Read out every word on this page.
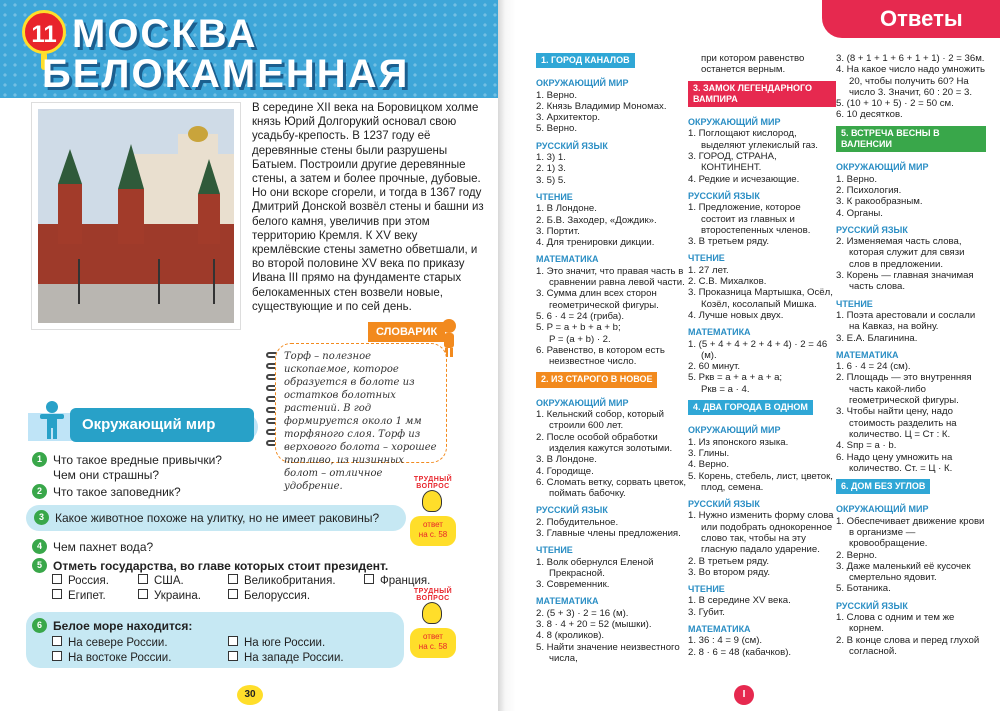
11 МОСКВА
БЕЛОКАМЕННАЯ

В середине XII века на Боровицком холме князь Юрий Долгорукий основал свою усадьбу-крепость. В 1237 году её деревянные стены были разрушены Батыем. Построили другие деревянные стены, а затем и более прочные, дубовые. Но они вскоре сгорели, и тогда в 1367 году Дмитрий Донской возвёл стены и башни из белого камня, увеличив при этом территорию Кремля. К XV веку кремлёвские стены заметно обветшали, и во второй половине XV века по приказу Ивана III прямо на фундаменте старых белокаменных стен возвели новые, существующие и по сей день.

СЛОВАРИК
Торф – полезное ископаемое, которое образуется в болоте из остатков болотных растений. В год формируется около 1 мм торфяного слоя. Торф из верхового болота – хорошее топливо, из низинных болот – отличное удобрение.
Окружающий мир
1 Что такое вредные привычки?
Чем они страшны?
2 Что такое заповедник?
3 Какое животное похоже на улитку, но не имеет раковины?
4 Чем пахнет вода?
5 Отметь государства, во главе которых стоит президент.
Россия.	США.	Великобритания.	Франция.
Египет.	Украина.	Белоруссия.
6 Белое море находится:
На севере России.	На юге России.
На востоке России.	На западе России.
ТРУДНЫЙ ВОПРОС
ответ
на с. 58
ТРУДНЫЙ ВОПРОС
ответ
на с. 58
30
Ответы
1. ГОРОД КАНАЛОВ
ОКРУЖАЮЩИЙ МИР
1. Верно.
2. Князь Владимир Мономах.
3. Архитектор.
5. Верно.
РУССКИЙ ЯЗЫК
1. 3) 1.
2. 1) 3.
3. 5) 5.
ЧТЕНИЕ
1. В Лондоне.
2. Б.В. Заходер, «Дождик».
3. Портит.
4. Для тренировки дикции.
МАТЕМАТИКА
1. Это значит, что правая часть в сравнении равна левой части.
3. Сумма длин всех сторон геометрической фигуры.
5. 6 · 4 = 24 (гриба).
5. P = a + b + a + b;
P = (a + b) · 2.
6. Равенство, в котором есть неизвестное число.
2. ИЗ СТАРОГО В НОВОЕ
ОКРУЖАЮЩИЙ МИР
1. Кельнский собор, который строили 600 лет.
2. После особой обработки изделия кажутся золотыми.
3. В Лондоне.
4. Городище.
6. Сломать ветку, сорвать цветок, поймать бабочку.
РУССКИЙ ЯЗЫК
2. Побудительное.
3. Главные члены предложения.
ЧТЕНИЕ
1. Волк обернулся Еленой Прекрасной.
3. Современник.
МАТЕМАТИКА
2. (5 + 3) · 2 = 16 (м).
3. 8 · 4 + 20 = 52 (мышки).
4. 8 (кроликов).
5. Найти значение неизвестного числа,
при котором равенство останется верным.
3. ЗАМОК ЛЕГЕНДАРНОГО ВАМПИРА
ОКРУЖАЮЩИЙ МИР
1. Поглощают кислород, выделяют углекислый газ.
3. ГОРОД, СТРАНА, КОНТИНЕНТ.
4. Редкие и исчезающие.
РУССКИЙ ЯЗЫК
1. Предложение, которое состоит из главных и второстепенных членов.
3. В третьем ряду.
ЧТЕНИЕ
1. 27 лет.
2. С.В. Михалков.
3. Проказница Мартышка, Осёл, Козёл, косолапый Мишка.
4. Лучше новых двух.
МАТЕМАТИКА
1. (5 + 4 + 4 + 2 + 4 + 4) · 2 = 46 (м).
2. 60 минут.
5. Pкв = a + a + a + a;
Pкв = a · 4.
4. ДВА ГОРОДА В ОДНОМ
ОКРУЖАЮЩИЙ МИР
1. Из японского языка.
3. Глины.
4. Верно.
5. Корень, стебель, лист, цветок, плод, семена.
РУССКИЙ ЯЗЫК
1. Нужно изменить форму слова или подобрать однокоренное слово так, чтобы на эту гласную падало ударение.
2. В третьем ряду.
3. Во втором ряду.
ЧТЕНИЕ
1. В середине XV века.
3. Губит.
МАТЕМАТИКА
1. 36 : 4 = 9 (см).
2. 8 · 6 = 48 (кабачков).
3. (8 + 1 + 1 + 6 + 1 + 1) · 2 = 36м.
4. На какое число надо умножить 20, чтобы получить 60? На число 3. Значит, 60 : 20 = 3.
5. (10 + 10 + 5) · 2 = 50 см.
6. 10 десятков.
5. ВСТРЕЧА ВЕСНЫ В ВАЛЕНСИИ
ОКРУЖАЮЩИЙ МИР
1. Верно.
2. Психология.
3. К ракообразным.
4. Органы.
РУССКИЙ ЯЗЫК
2. Изменяемая часть слова, которая служит для связи слов в предложении.
3. Корень — главная значимая часть слова.
ЧТЕНИЕ
1. Поэта арестовали и сослали на Кавказ, на войну.
3. Е.А. Благинина.
МАТЕМАТИКА
1. 6 · 4 = 24 (см).
2. Площадь — это внутренняя часть какой-либо геометрической фигуры.
3. Чтобы найти цену, надо стоимость разделить на количество. Ц = Ст : К.
4. Sпр = a · b.
6. Надо цену умножить на количество. Ст. = Ц · К.
6. ДОМ БЕЗ УГЛОВ
ОКРУЖАЮЩИЙ МИР
1. Обеспечивает движение крови в организме — кровообращение.
2. Верно.
3. Даже маленький её кусочек смертельно ядовит.
5. Ботаника.
РУССКИЙ ЯЗЫК
1. Слова с одним и тем же корнем.
2. В конце слова и перед глухой согласной.
I
